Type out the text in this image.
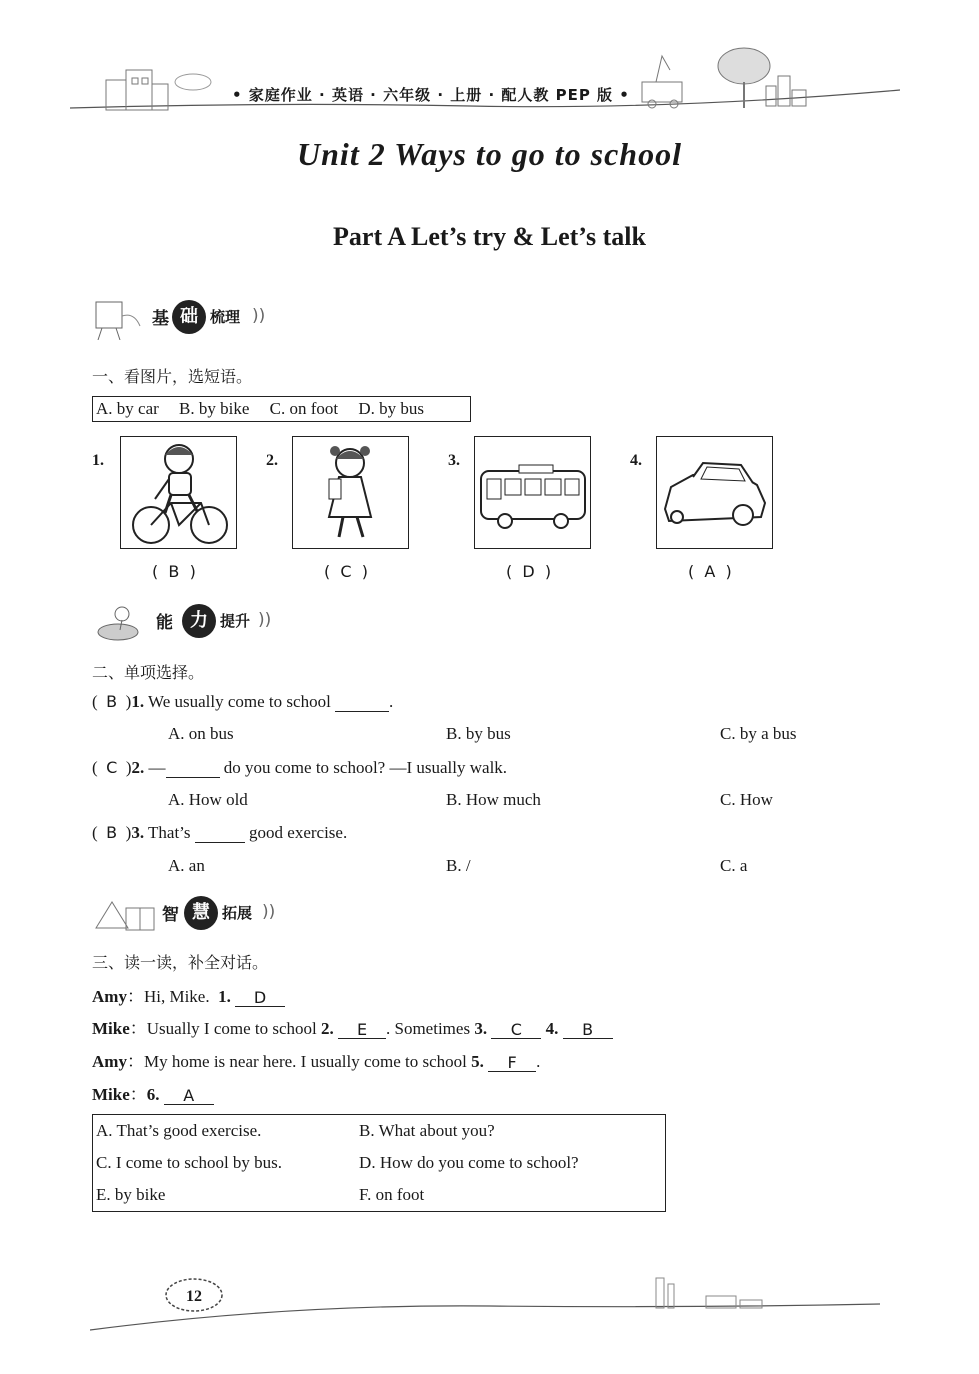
• 家庭作业 · 英语 · 六年级 · 上册 · 配人教 PEP 版 •
Unit 2 Ways to go to school
Part A Let’s try & Let’s talk
基 础 梳理 ))
一、看图片，选短语。
A. by car B. by bike C. on foot D. by bus
1.
(  B  )
2.
(  C  )
3.
(  D  )
4.
(  A  )
能 力 提升 ))
二、单项选择。
(  B  )1. We usually come to school	.
A. on bus	B. by bus	C. by a bus
(  C  )2. —	do you come to school? —I usually walk.
A. How old	B. How much	C. How
(  B  )3. That’s	good exercise.
A. an	B. /	C. a
智 慧 拓展 ))
三、读一读，补全对话。
Amy：Hi, Mike. 1. D
Mike：Usually I come to school 2. E . Sometimes 3. C 4. B
Amy：My home is near here. I usually come to school 5. F .
Mike：6. A
A. That’s good exercise.	B. What about you?
C. I come to school by bus.	D. How do you come to school?
E. by bike	F. on foot
12
